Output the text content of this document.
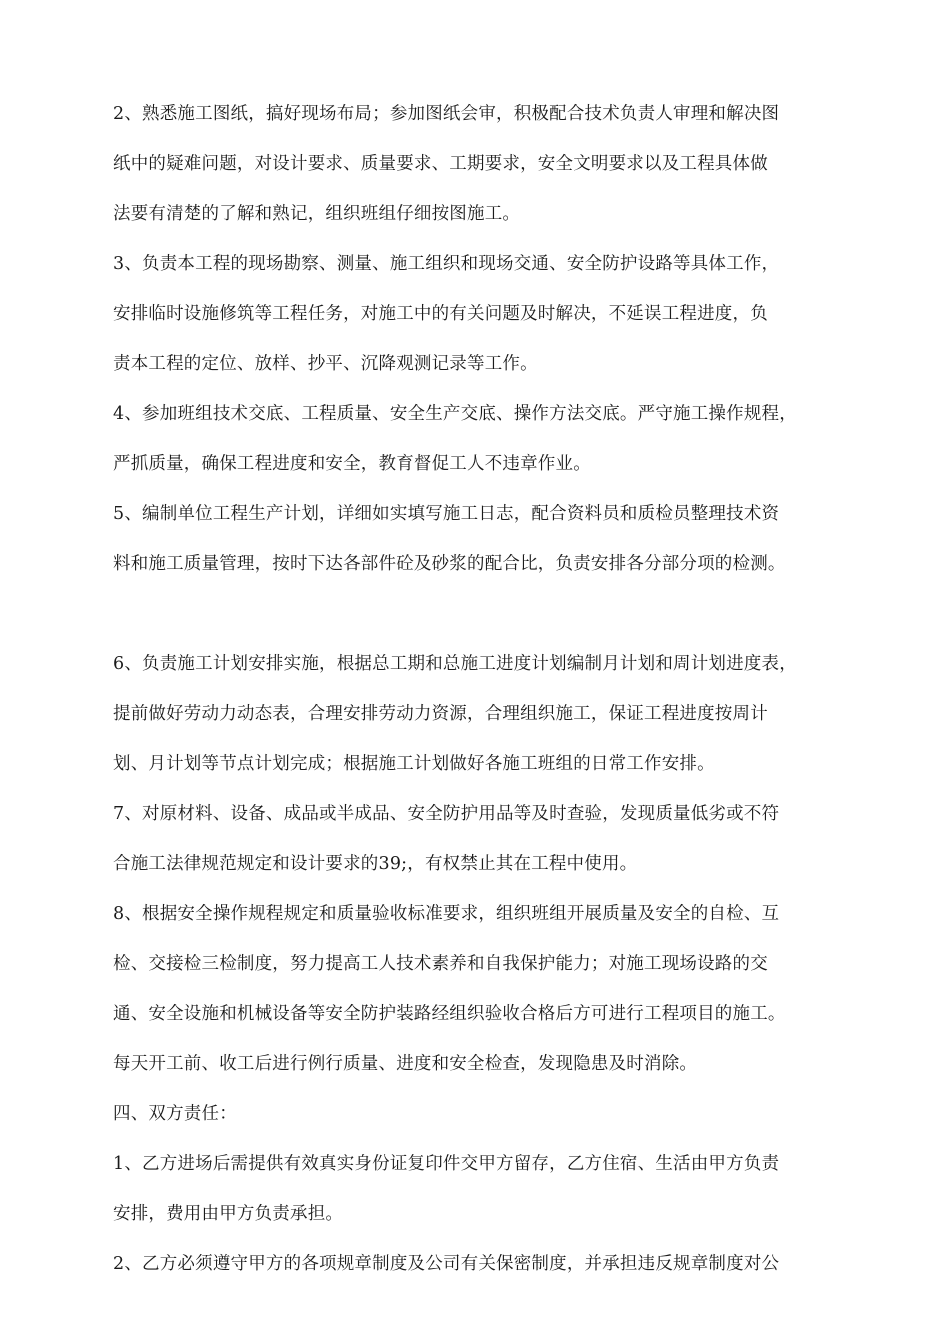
2、熟悉施工图纸，搞好现场布局；参加图纸会审，积极配合技术负责人审理和解决图
纸中的疑难问题，对设计要求、质量要求、工期要求，安全文明要求以及工程具体做
法要有清楚的了解和熟记，组织班组仔细按图施工。
3、负责本工程的现场勘察、测量、施工组织和现场交通、安全防护设路等具体工作，
安排临时设施修筑等工程任务，对施工中的有关问题及时解决，不延误工程进度，负
责本工程的定位、放样、抄平、沉降观测记录等工作。
4、参加班组技术交底、工程质量、安全生产交底、操作方法交底。严守施工操作规程，
严抓质量，确保工程进度和安全，教育督促工人不违章作业。
5、编制单位工程生产计划，详细如实填写施工日志，配合资料员和质检员整理技术资
料和施工质量管理，按时下达各部件砼及砂浆的配合比，负责安排各分部分项的检测。
6、负责施工计划安排实施，根据总工期和总施工进度计划编制月计划和周计划进度表，
提前做好劳动力动态表，合理安排劳动力资源，合理组织施工，保证工程进度按周计
划、月计划等节点计划完成；根据施工计划做好各施工班组的日常工作安排。
7、对原材料、设备、成品或半成品、安全防护用品等及时查验，发现质量低劣或不符
合施工法律规范规定和设计要求的39;，有权禁止其在工程中使用。
8、根据安全操作规程规定和质量验收标准要求，组织班组开展质量及安全的自检、互
检、交接检三检制度，努力提高工人技术素养和自我保护能力；对施工现场设路的交
通、安全设施和机械设备等安全防护装路经组织验收合格后方可进行工程项目的施工。
每天开工前、收工后进行例行质量、进度和安全检查，发现隐患及时消除。
四、双方责任：
1、乙方进场后需提供有效真实身份证复印件交甲方留存，乙方住宿、生活由甲方负责
安排，费用由甲方负责承担。
2、乙方必须遵守甲方的各项规章制度及公司有关保密制度，并承担违反规章制度对公
